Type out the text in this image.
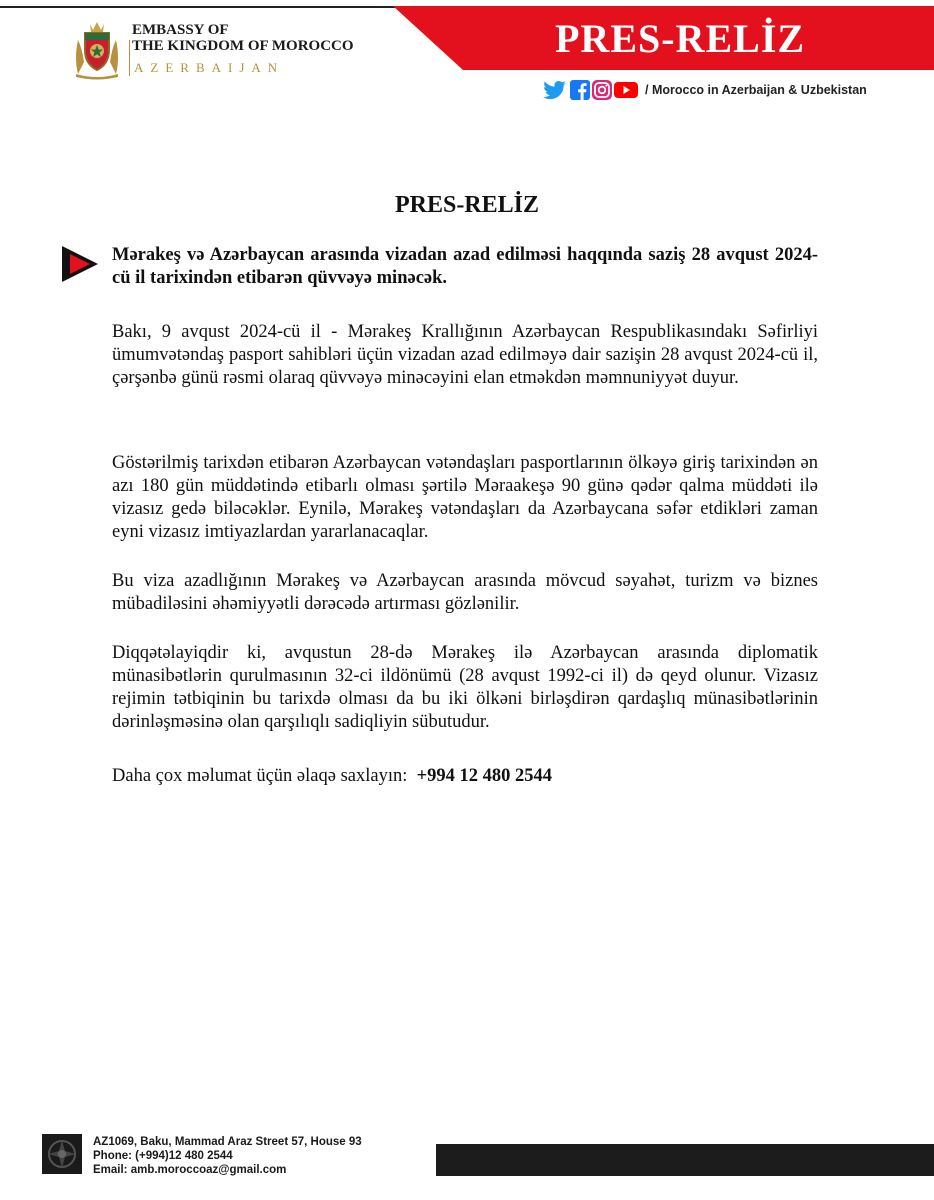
PRES-RELİZ
EMBASSY OF
THE KINGDOM OF MOROCCO
AZERBAIJAN
/ Morocco in Azerbaijan & Uzbekistan
PRES-RELİZ

Mərakeş və Azərbaycan arasında vizadan azad edilməsi haqqında saziş 28 avqust 2024-cü il tarixindən etibarən qüvvəyə minəcək.

Bakı, 9 avqust 2024-cü il - Mərakeş Krallığının Azərbaycan Respublikasındakı Səfirliyi ümumvətəndaş pasport sahibləri üçün vizadan azad edilməyə dair sazişin 28 avqust 2024-cü il, çərşənbə günü rəsmi olaraq qüvvəyə minəcəyini elan etməkdən məmnuniyyət duyur.

Göstərilmiş tarixdən etibarən Azərbaycan vətəndaşları pasportlarının ölkəyə giriş tarixindən ən azı 180 gün müddətində etibarlı olması şərtilə Məraakeşə 90 günə qədər qalma müddəti ilə vizasız gedə biləcəklər. Eynilə, Mərakeş vətəndaşları da Azərbaycana səfər etdikləri zaman eyni vizasız imtiyazlardan yararlanacaqlar.

Bu viza azadlığının Mərakeş və Azərbaycan arasında mövcud səyahət, turizm və biznes mübadiləsini əhəmiyyətli dərəcədə artırması gözlənilir.

Diqqətəlayiqdir ki, avqustun 28-də Mərakeş ilə Azərbaycan arasında diplomatik münasibətlərin qurulmasının 32-ci ildönümü (28 avqust 1992-ci il) də qeyd olunur. Vizasız rejimin tətbiqinin bu tarixdə olması da bu iki ölkəni birləşdirən qardaşlıq münasibətlərinin dərinləşməsinə olan qarşılıqlı sadiqliyin sübutudur.

Daha çox məlumat üçün əlaqə saxlayın: +994 12 480 2544

AZ1069, Baku, Mammad Araz Street 57, House 93
Phone: (+994)12 480 2544
Email: amb.moroccoaz@gmail.com
